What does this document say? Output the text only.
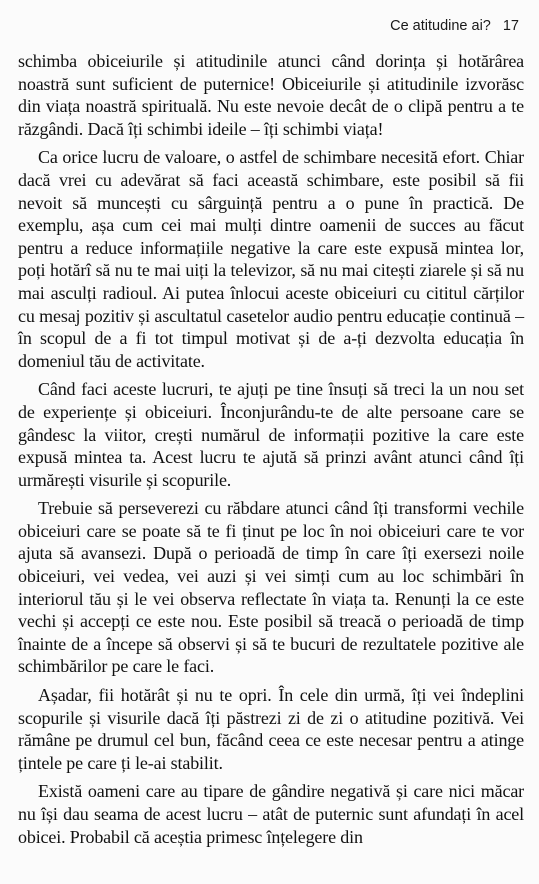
Ce atitudine ai? 17

schimba obiceiurile și atitudinile atunci când dorința și hotărârea noastră sunt suficient de puternice! Obiceiurile și atitudinile izvorăsc din viața noastră spirituală. Nu este nevoie decât de o clipă pentru a te răzgândi. Dacă îți schimbi ideile – îți schimbi viața!

Ca orice lucru de valoare, o astfel de schimbare necesită efort. Chiar dacă vrei cu adevărat să faci această schimbare, este posibil să fii nevoit să muncești cu sârguință pentru a o pune în practică. De exemplu, așa cum cei mai mulți dintre oamenii de succes au făcut pentru a reduce informațiile negative la care este expusă mintea lor, poți hotărî să nu te mai uiți la televizor, să nu mai citești ziarele și să nu mai asculți radioul. Ai putea înlocui aceste obiceiuri cu cititul cărților cu mesaj pozitiv și ascultatul casetelor audio pentru educație continuă – în scopul de a fi tot timpul motivat și de a-ți dezvolta educația în domeniul tău de activitate.

Când faci aceste lucruri, te ajuți pe tine însuți să treci la un nou set de experiențe și obiceiuri. Înconjurându-te de alte persoane care se gândesc la viitor, crești numărul de informații pozitive la care este expusă mintea ta. Acest lucru te ajută să prinzi avânt atunci când îți urmărești visurile și scopurile.

Trebuie să perseverezi cu răbdare atunci când îți transformi vechile obiceiuri care se poate să te fi ținut pe loc în noi obiceiuri care te vor ajuta să avansezi. După o perioadă de timp în care îți exersezi noile obiceiuri, vei vedea, vei auzi și vei simți cum au loc schimbări în interiorul tău și le vei observa reflectate în viața ta. Renunți la ce este vechi și accepți ce este nou. Este posibil să treacă o perioadă de timp înainte de a începe să observi și să te bucuri de rezultatele pozitive ale schimbărilor pe care le faci.

Așadar, fii hotărât și nu te opri. În cele din urmă, îți vei îndeplini scopurile și visurile dacă îți păstrezi zi de zi o atitudine pozitivă. Vei rămâne pe drumul cel bun, făcând ceea ce este necesar pentru a atinge țintele pe care ți le-ai stabilit.

Există oameni care au tipare de gândire negativă și care nici măcar nu își dau seama de acest lucru – atât de puternic sunt afundați în acel obicei. Probabil că aceștia primesc înțelegere din
